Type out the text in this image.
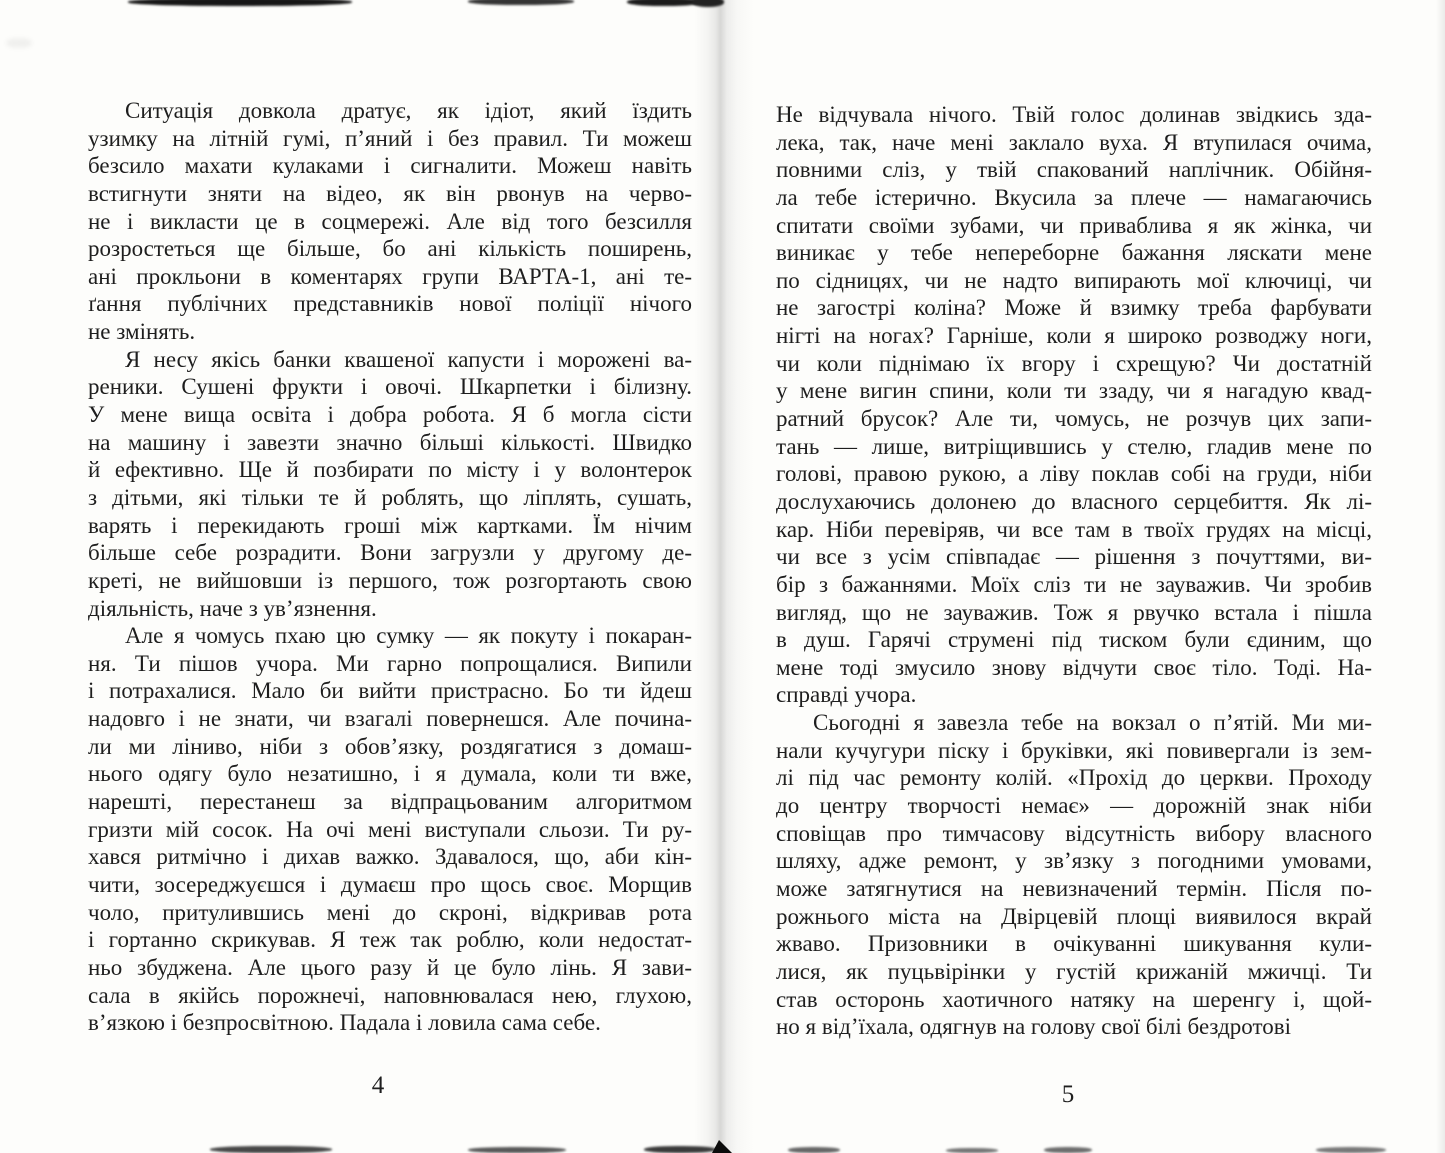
Ситуація довкола дратує, як ідіот, який їздить
узимку на літній гумі, п’яний і без правил. Ти можеш
безсило махати кулаками і сигналити. Можеш навіть
встигнути зняти на відео, як він рвонув на черво-
не і викласти це в соцмережі. Але від того безсилля
розростеться ще більше, бо ані кількість поширень,
ані прокльони в коментарях групи ВАРТА-1, ані те-
ґання публічних представників нової поліції нічого
не змінять.
Я несу якісь банки квашеної капусти і морожені ва-
реники. Сушені фрукти і овочі. Шкарпетки і білизну.
У мене вища освіта і добра робота. Я б могла сісти
на машину і завезти значно більші кількості. Швидко
й ефективно. Ще й позбирати по місту і у волонтерок
з дітьми, які тільки те й роблять, що ліплять, сушать,
варять і перекидають гроші між картками. Їм нічим
більше себе розрадити. Вони загрузли у другому де-
креті, не вийшовши із першого, тож розгортають свою
діяльність, наче з ув’язнення.
Але я чомусь пхаю цю сумку — як покуту і покаран-
ня. Ти пішов учора. Ми гарно попрощалися. Випили
і потрахалися. Мало би вийти пристрасно. Бо ти йдеш
надовго і не знати, чи взагалі повернешся. Але почина-
ли ми ліниво, ніби з обов’язку, роздягатися з домаш-
нього одягу було незатишно, і я думала, коли ти вже,
нарешті, перестанеш за відпрацьованим алгоритмом
гризти мій сосок. На очі мені виступали сльози. Ти ру-
хався ритмічно і дихав важко. Здавалося, що, аби кін-
чити, зосереджуєшся і думаєш про щось своє. Морщив
чоло, притулившись мені до скроні, відкривав рота
і гортанно скрикував. Я теж так роблю, коли недостат-
ньо збуджена. Але цього разу й це було лінь. Я зави-
сала в якійсь порожнечі, наповнювалася нею, глухою,
в’язкою і безпросвітною. Падала і ловила сама себе.
Не відчувала нічого. Твій голос долинав звідкись зда-
лека, так, наче мені заклало вуха. Я втупилася очима,
повними сліз, у твій спакований наплічник. Обійня-
ла тебе істерично. Вкусила за плече — намагаючись
спитати своїми зубами, чи приваблива я як жінка, чи
виникає у тебе непереборне бажання ляскати мене
по сідницях, чи не надто випирають мої ключиці, чи
не загострі коліна? Може й взимку треба фарбувати
нігті на ногах? Гарніше, коли я широко розводжу ноги,
чи коли піднімаю їх вгору і схрещую? Чи достатній
у мене вигин спини, коли ти ззаду, чи я нагадую квад-
ратний брусок? Але ти, чомусь, не розчув цих запи-
тань — лише, витріщившись у стелю, гладив мене по
голові, правою рукою, а ліву поклав собі на груди, ніби
дослухаючись долонею до власного серцебиття. Як лі-
кар. Ніби перевіряв, чи все там в твоїх грудях на місці,
чи все з усім співпадає — рішення з почуттями, ви-
бір з бажаннями. Моїх сліз ти не зауважив. Чи зробив
вигляд, що не зауважив. Тож я рвучко встала і пішла
в душ. Гарячі струмені під тиском були єдиним, що
мене тоді змусило знову відчути своє тіло. Тоді. На-
справді учора.
Сьогодні я завезла тебе на вокзал о п’ятій. Ми ми-
нали кучугури піску і бруківки, які повивергали із зем-
лі під час ремонту колій. «Прохід до церкви. Проходу
до центру творчості немає» — дорожній знак ніби
сповіщав про тимчасову відсутність вибору власного
шляху, адже ремонт, у зв’язку з погодними умовами,
може затягнутися на невизначений термін. Після по-
рожнього міста на Двірцевій площі виявилося вкрай
жваво. Призовники в очікуванні шикування кули-
лися, як пуцьвірінки у густій крижаній мжичці. Ти
став осторонь хаотичного натяку на шеренгу і, щой-
но я від’їхала, одягнув на голову свої білі бездротові
4	5
